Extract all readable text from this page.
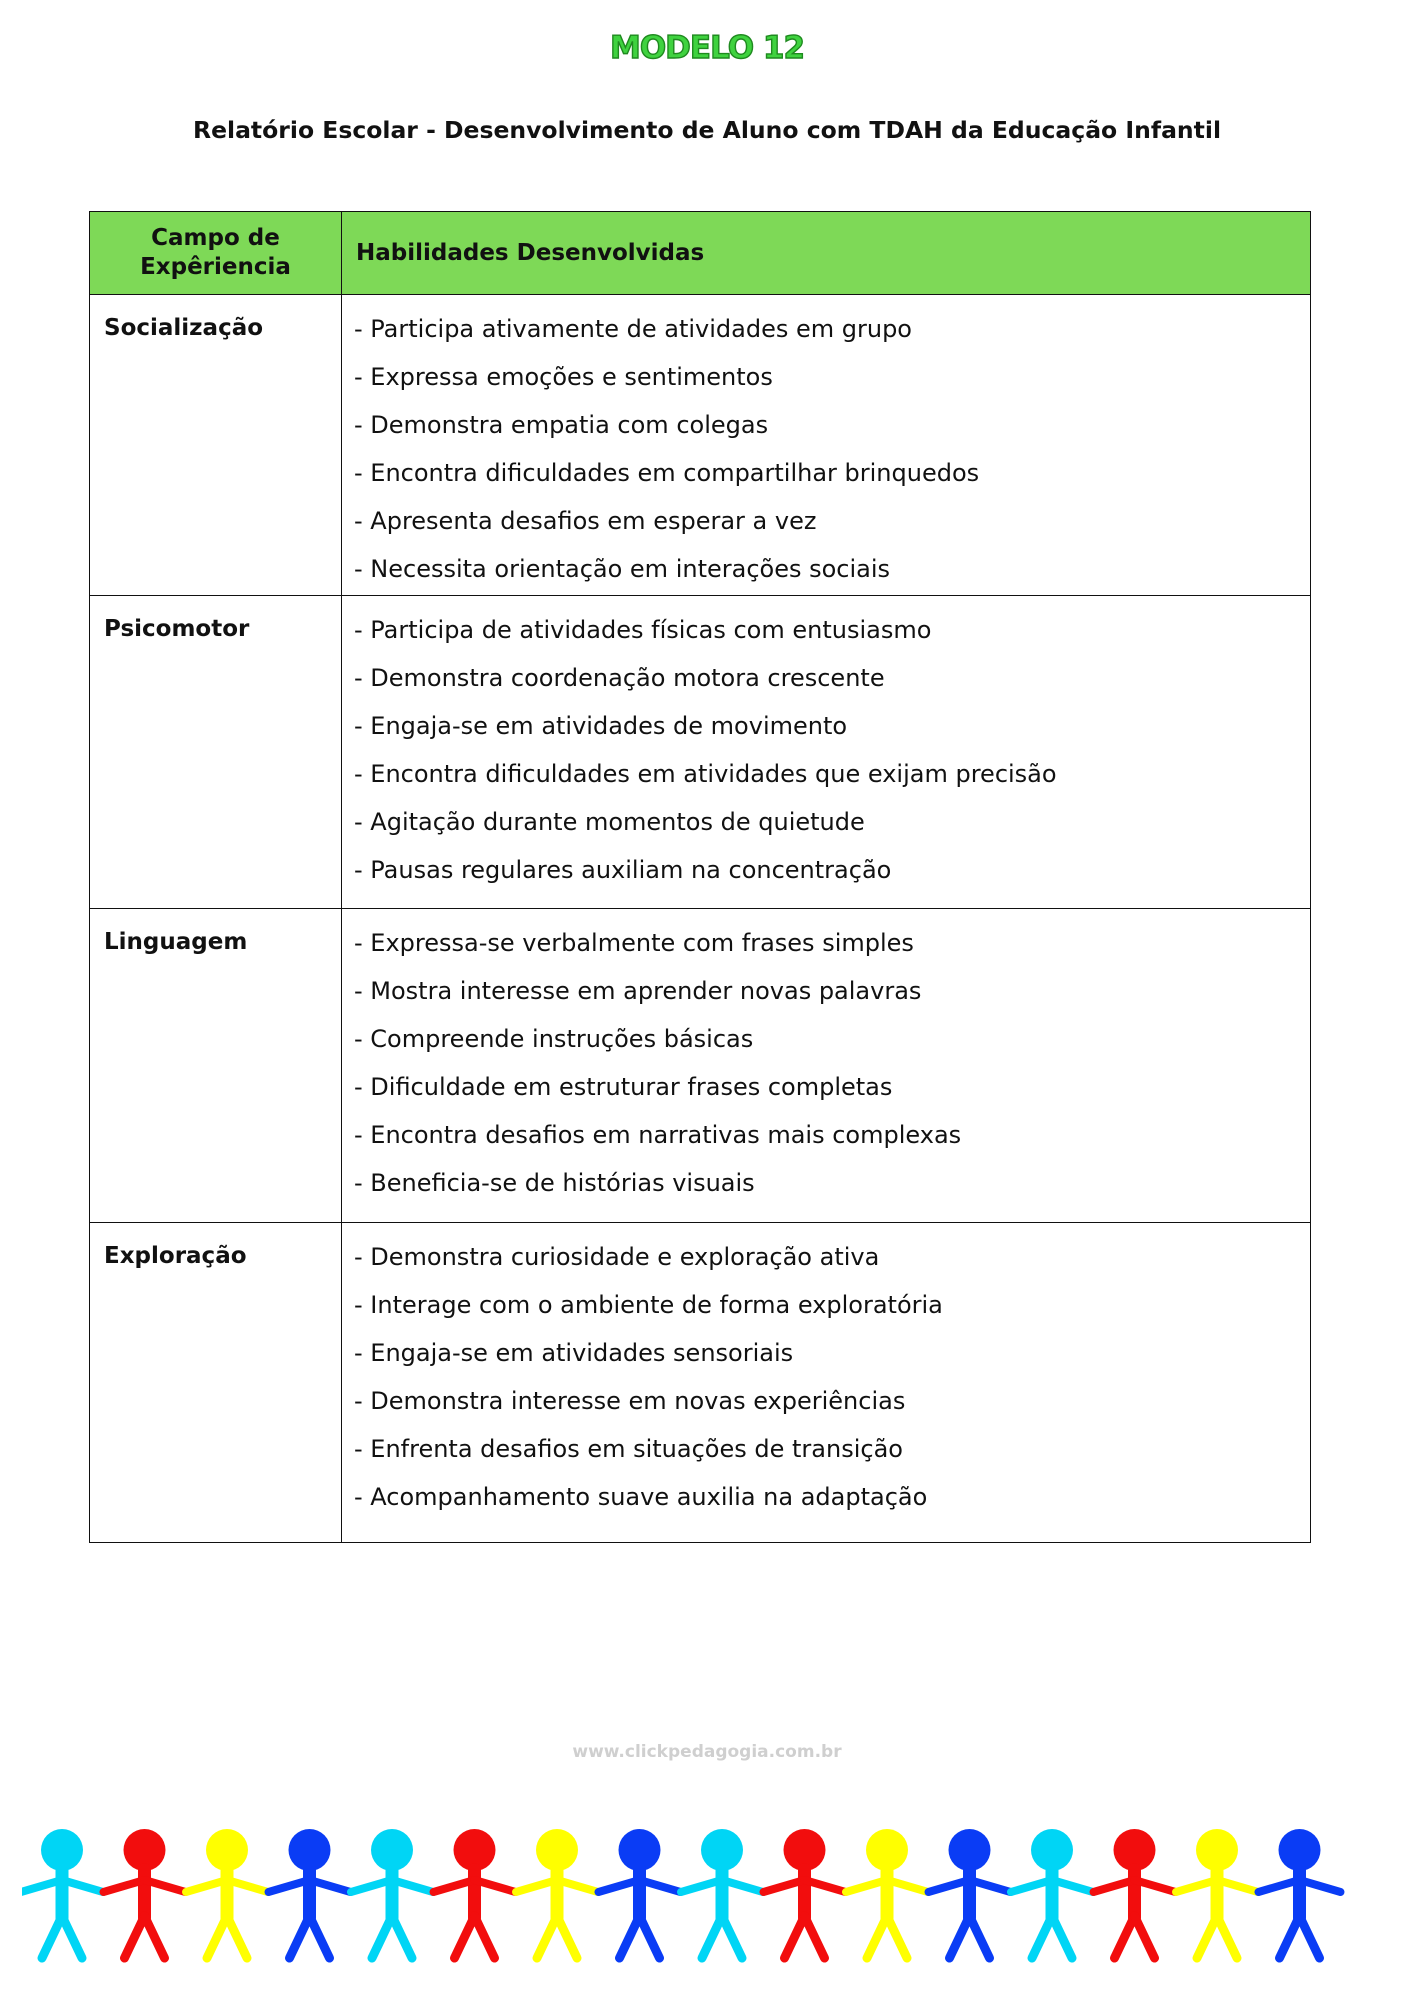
MODELO 12
Relatório Escolar - Desenvolvimento de Aluno com TDAH da Educação Infantil
Campo de Expêriencia
Habilidades Desenvolvidas
Socialização	- Participa ativamente de atividades em grupo
- Expressa emoções e sentimentos
- Demonstra empatia com colegas
- Encontra dificuldades em compartilhar brinquedos
- Apresenta desafios em esperar a vez
- Necessita orientação em interações sociais
Psicomotor	- Participa de atividades físicas com entusiasmo
- Demonstra coordenação motora crescente
- Engaja-se em atividades de movimento
- Encontra dificuldades em atividades que exijam precisão
- Agitação durante momentos de quietude
- Pausas regulares auxiliam na concentração
Linguagem	- Expressa-se verbalmente com frases simples
- Mostra interesse em aprender novas palavras
- Compreende instruções básicas
- Dificuldade em estruturar frases completas
- Encontra desafios em narrativas mais complexas
- Beneficia-se de histórias visuais
Exploração	- Demonstra curiosidade e exploração ativa
- Interage com o ambiente de forma exploratória
- Engaja-se em atividades sensoriais
- Demonstra interesse em novas experiências
- Enfrenta desafios em situações de transição
- Acompanhamento suave auxilia na adaptação
www.clickpedagogia.com.br
